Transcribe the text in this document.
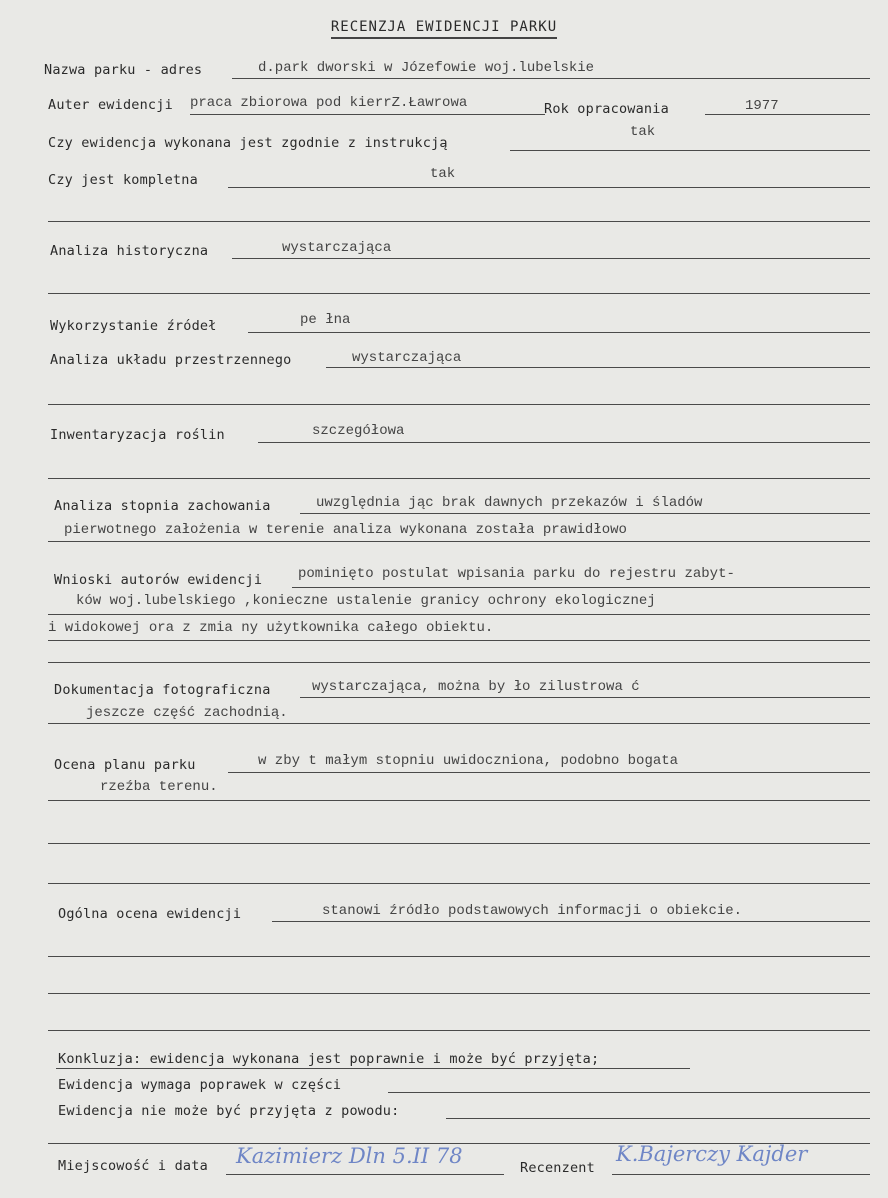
RECENZJA EWIDENCJI PARKU
Nazwa parku - adres	d.park dworski w Józefowie woj.lubelskie
Auter ewidencji praca zbiorowa pod kierrZ.Ławrowa	Rok opracowania	1977
Czy ewidencja wykonana jest zgodnie z instrukcją
tak
Czy jest kompletna	tak
Analiza historyczna	wystarczająca
Wykorzystanie źródeł	pe łna
Analiza układu przestrzennego	wystarczająca
Inwentaryzacja roślin	szczegółowa
Analiza stopnia zachowania	uwzględnia jąc brak dawnych przekazów i śladów
pierwotnego założenia w terenie analiza wykonana została prawidłowo
Wnioski autorów ewidencji	pominięto postulat wpisania parku do rejestru zabyt-
ków woj.lubelskiego ,konieczne ustalenie granicy ochrony ekologicznej
i widokowej ora z zmia ny użytkownika całego obiektu.
Dokumentacja fotograficzna	wystarczająca, można by ło zilustrowa ć
jeszcze część zachodnią.
Ocena planu parku	w zby t małym stopniu uwidoczniona, podobno bogata
rzeźba terenu.
Ogólna ocena ewidencji	stanowi źródło podstawowych informacji o obiekcie.
Konkluzja: ewidencja wykonana jest poprawnie i może być przyjęta;
Ewidencja wymaga poprawek w części
Ewidencja nie może być przyjęta z powodu:
Miejscowość i data Kazimierz Dln 5.II 78	Recenzent
K.Bajerczy Kajder
